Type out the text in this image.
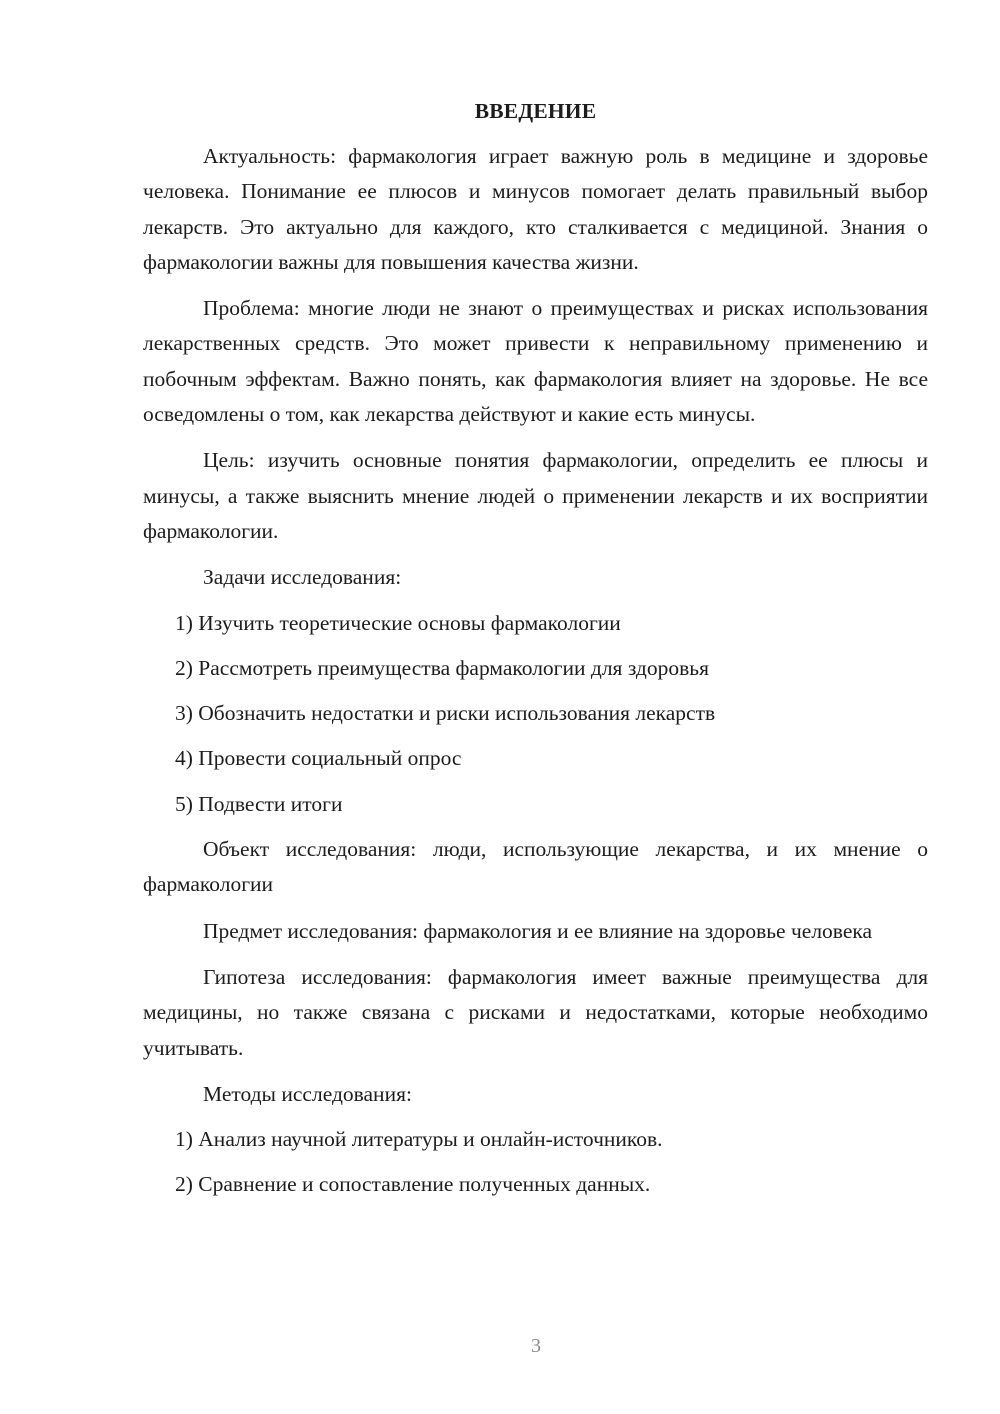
ВВЕДЕНИЕ

Актуальность: фармакология играет важную роль в медицине и здоровье человека. Понимание ее плюсов и минусов помогает делать правильный выбор лекарств. Это актуально для каждого, кто сталкивается с медициной. Знания о фармакологии важны для повышения качества жизни.

Проблема: многие люди не знают о преимуществах и рисках использования лекарственных средств. Это может привести к неправильному применению и побочным эффектам. Важно понять, как фармакология влияет на здоровье. Не все осведомлены о том, как лекарства действуют и какие есть минусы.

Цель: изучить основные понятия фармакологии, определить ее плюсы и минусы, а также выяснить мнение людей о применении лекарств и их восприятии фармакологии.

Задачи исследования:

1) Изучить теоретические основы фармакологии

2) Рассмотреть преимущества фармакологии для здоровья

3) Обозначить недостатки и риски использования лекарств

4) Провести социальный опрос

5) Подвести итоги

Объект исследования: люди, использующие лекарства, и их мнение о фармакологии

Предмет исследования: фармакология и ее влияние на здоровье человека

Гипотеза исследования: фармакология имеет важные преимущества для медицины, но также связана с рисками и недостатками, которые необходимо учитывать.

Методы исследования:

1) Анализ научной литературы и онлайн-источников.

2) Сравнение и сопоставление полученных данных.

3
